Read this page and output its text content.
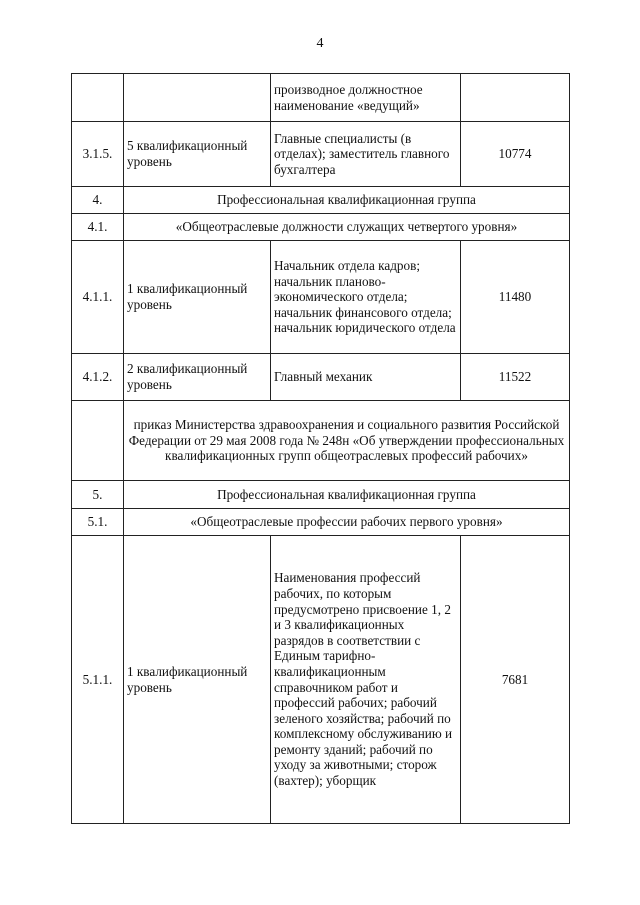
4
		производное должностное наименование «ведущий»	
3.1.5.	5 квалификационный уровень	Главные специалисты (в отделах); заместитель главного бухгалтера	10774
4.	Профессиональная квалификационная группа		
4.1.	«Общеотраслевые должности служащих четвертого уровня»		
4.1.1.	1 квалификационный уровень	Начальник отдела кадров; начальник планово-экономического отдела; начальник финансового отдела; начальник юридического отдела	11480
4.1.2.	2 квалификационный уровень	Главный механик	11522
	приказ Министерства здравоохранения и социального развития Российской Федерации от 29 мая 2008 года № 248н «Об утверждении профессиональных квалификационных групп общеотраслевых профессий рабочих»		
5.	Профессиональная квалификационная группа		
5.1.	«Общеотраслевые профессии рабочих первого уровня»		
5.1.1.	1 квалификационный уровень	Наименования профессий рабочих, по которым предусмотрено присвоение 1, 2 и 3 квалификационных разрядов в соответствии с Единым тарифно-квалификационным справочником работ и профессий рабочих; рабочий зеленого хозяйства; рабочий по комплексному обслуживанию и ремонту зданий; рабочий по уходу за животными; сторож (вахтер); уборщик	7681
